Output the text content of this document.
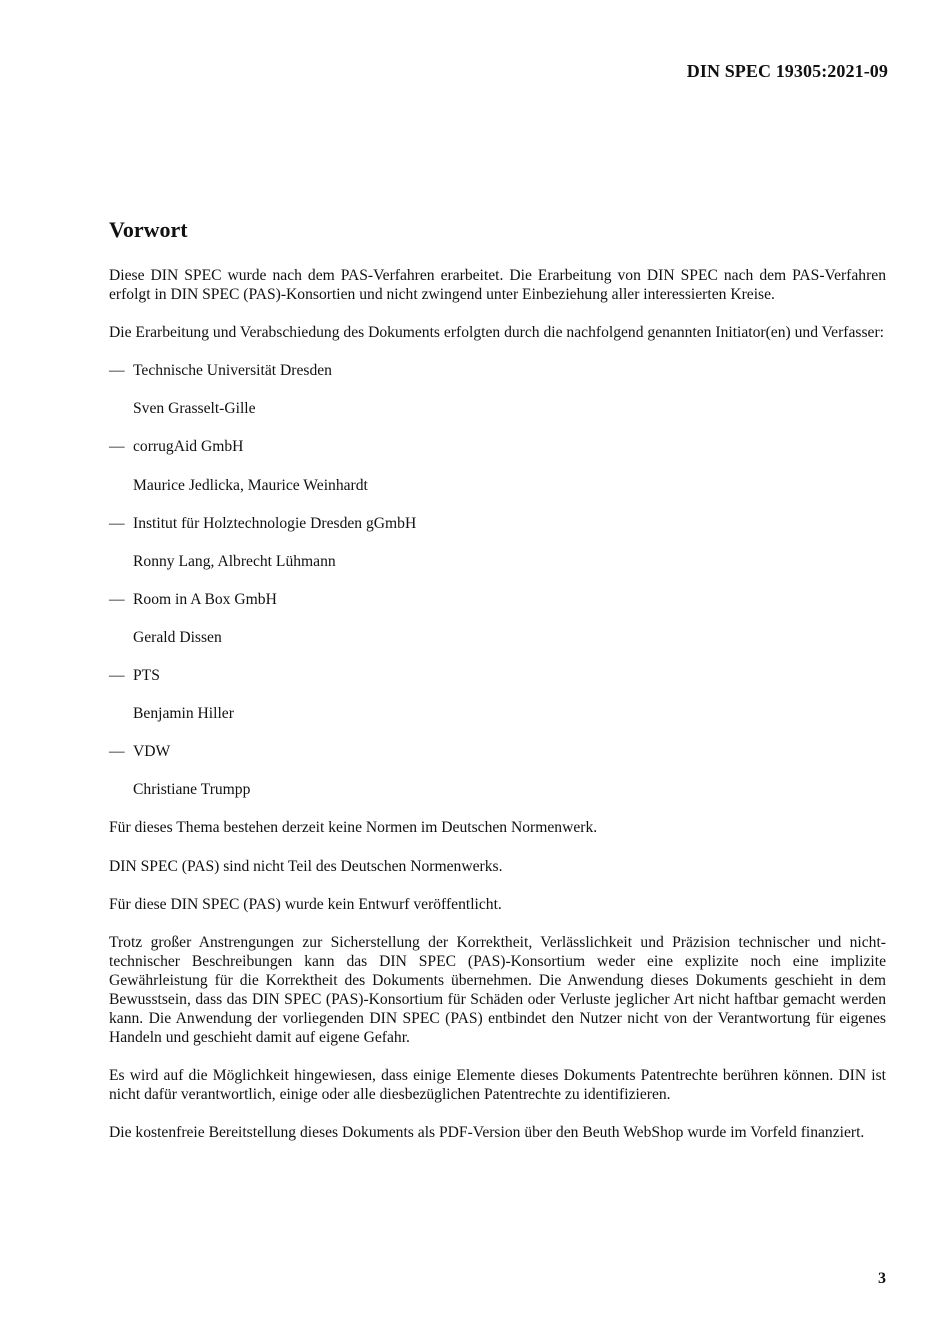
DIN SPEC 19305:2021-09
Vorwort

Diese DIN SPEC wurde nach dem PAS-Verfahren erarbeitet. Die Erarbeitung von DIN SPEC nach dem PAS-Verfahren erfolgt in DIN SPEC (PAS)-Konsortien und nicht zwingend unter Einbeziehung aller interessierten Kreise.

Die Erarbeitung und Verabschiedung des Dokuments erfolgten durch die nachfolgend genannten Initiator(en) und Verfasser:

— Technische Universität Dresden
Sven Grasselt-Gille
— corrugAid GmbH
Maurice Jedlicka, Maurice Weinhardt
— Institut für Holztechnologie Dresden gGmbH
Ronny Lang, Albrecht Lühmann
— Room in A Box GmbH
Gerald Dissen
— PTS
Benjamin Hiller
— VDW
Christiane Trumpp

Für dieses Thema bestehen derzeit keine Normen im Deutschen Normenwerk.

DIN SPEC (PAS) sind nicht Teil des Deutschen Normenwerks.

Für diese DIN SPEC (PAS) wurde kein Entwurf veröffentlicht.

Trotz großer Anstrengungen zur Sicherstellung der Korrektheit, Verlässlichkeit und Präzision technischer und nicht-technischer Beschreibungen kann das DIN SPEC (PAS)-Konsortium weder eine explizite noch eine implizite Gewährleistung für die Korrektheit des Dokuments übernehmen. Die Anwendung dieses Dokuments geschieht in dem Bewusstsein, dass das DIN SPEC (PAS)-Konsortium für Schäden oder Verluste jeglicher Art nicht haftbar gemacht werden kann. Die Anwendung der vorliegenden DIN SPEC (PAS) entbindet den Nutzer nicht von der Verantwortung für eigenes Handeln und geschieht damit auf eigene Gefahr.

Es wird auf die Möglichkeit hingewiesen, dass einige Elemente dieses Dokuments Patentrechte berühren können. DIN ist nicht dafür verantwortlich, einige oder alle diesbezüglichen Patentrechte zu identifizieren.

Die kostenfreie Bereitstellung dieses Dokuments als PDF-Version über den Beuth WebShop wurde im Vorfeld finanziert.

3
